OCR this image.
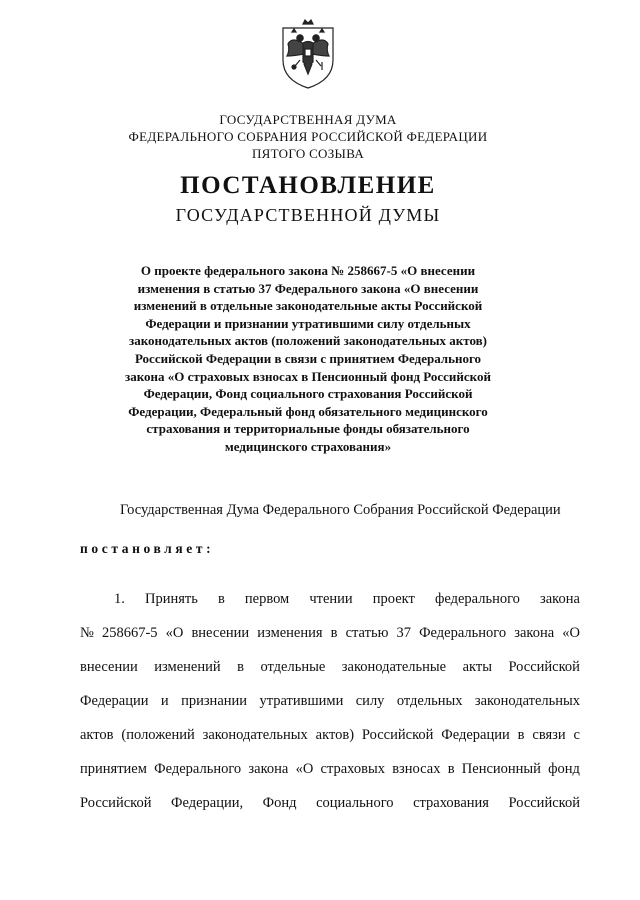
ГОСУДАРСТВЕННАЯ ДУМА
ФЕДЕРАЛЬНОГО СОБРАНИЯ РОССИЙСКОЙ ФЕДЕРАЦИИ
ПЯТОГО СОЗЫВА
ПОСТАНОВЛЕНИЕ
ГОСУДАРСТВЕННОЙ ДУМЫ
О проекте федерального закона № 258667-5 «О внесении
изменения в статью 37 Федерального закона «О внесении
изменений в отдельные законодательные акты Российской
Федерации и признании утратившими силу отдельных
законодательных актов (положений законодательных актов)
Российской Федерации в связи с принятием Федерального
закона «О страховых взносах в Пенсионный фонд Российской
Федерации, Фонд социального страхования Российской
Федерации, Федеральный фонд обязательного медицинского
страхования и территориальные фонды обязательного
медицинского страхования»
Государственная Дума Федерального Собрания Российской Федерации
постановляет:
1. Принять в первом чтении проект федерального закона
№ 258667-5 «О внесении изменения в статью 37 Федерального закона «О
внесении изменений в отдельные законодательные акты Российской
Федерации и признании утратившими силу отдельных законодательных
актов (положений законодательных актов) Российской Федерации в связи с
принятием Федерального закона «О страховых взносах в Пенсионный фонд
Российской Федерации, Фонд социального страхования Российской
